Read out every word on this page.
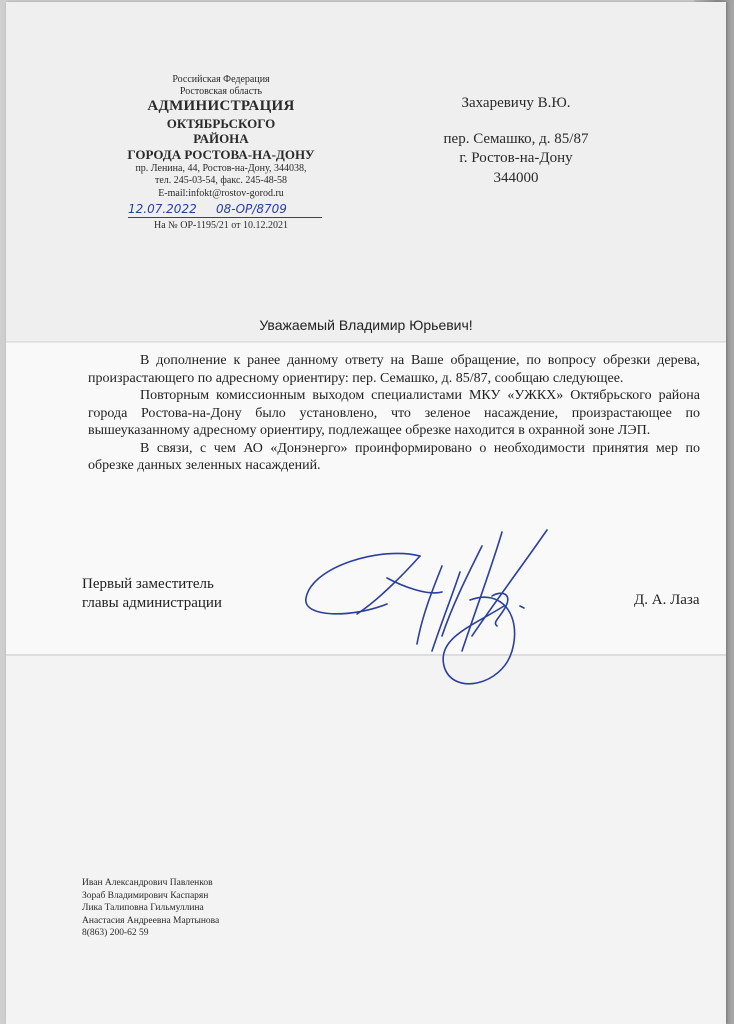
Российская Федерация
Ростовская область
АДМИНИСТРАЦИЯ
ОКТЯБРЬСКОГО
РАЙОНА
ГОРОДА РОСТОВА-НА-ДОНУ
пр. Ленина, 44, Ростов-на-Дону, 344038,
тел. 245-03-54, факс. 245-48-58
E-mail:infokt@rostov-gorod.ru
12.07.2022 08-ОР/8709
На № ОР-1195/21 от 10.12.2021
Захаревичу В.Ю.
пер. Семашко, д. 85/87
г. Ростов-на-Дону
344000
Уважаемый Владимир Юрьевич!

В дополнение к ранее данному ответу на Ваше обращение, по вопросу обрезки дерева, произрастающего по адресному ориентиру: пер. Семашко, д. 85/87, сообщаю следующее.

Повторным комиссионным выходом специалистами МКУ «УЖКХ» Октябрьского района города Ростова-на-Дону было установлено, что зеленое насаждение, произрастающее по вышеуказанному адресному ориентиру, подлежащее обрезке находится в охранной зоне ЛЭП.

В связи, с чем АО «Донэнерго» проинформировано о необходимости принятия мер по обрезке данных зеленных насаждений.

Первый заместитель
главы администрации	Д. А. Лаза
Иван Александрович Павленков
Зораб Владимирович Каспарян
Лика Талиповна Гильмуллина
Анастасия Андреевна Мартынова
8(863) 200-62 59
